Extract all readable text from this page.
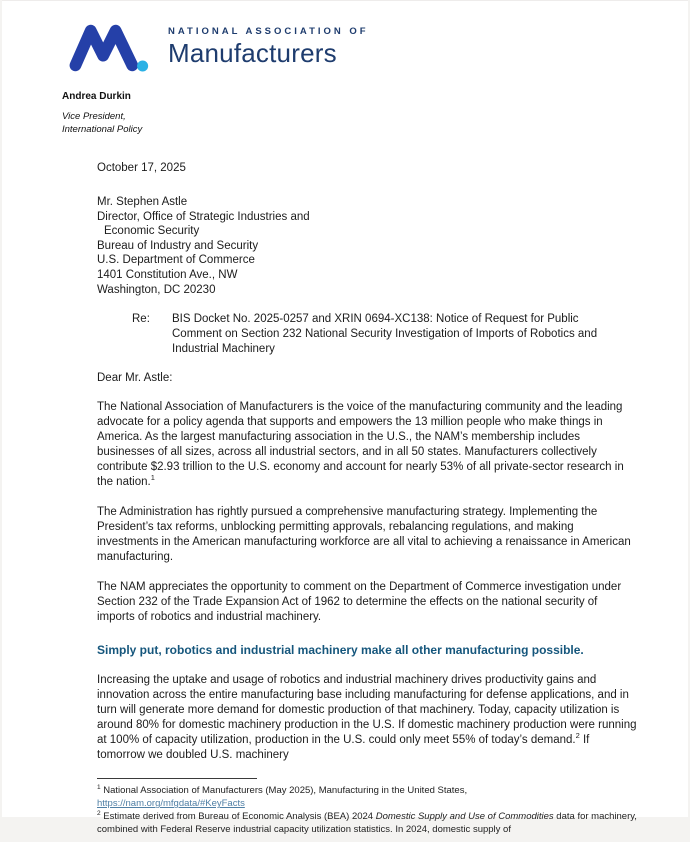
NATIONAL ASSOCIATION OF
Manufacturers
Andrea Durkin
Vice President,
International Policy
October 17, 2025
Mr. Stephen Astle
Director, Office of Strategic Industries and
Economic Security
Bureau of Industry and Security
U.S. Department of Commerce
1401 Constitution Ave., NW
Washington, DC 20230
Re:	BIS Docket No. 2025-0257 and XRIN 0694-XC138: Notice of Request for Public Comment on Section 232 National Security Investigation of Imports of Robotics and Industrial Machinery
Dear Mr. Astle:

The National Association of Manufacturers is the voice of the manufacturing community and the leading advocate for a policy agenda that supports and empowers the 13 million people who make things in America. As the largest manufacturing association in the U.S., the NAM’s membership includes businesses of all sizes, across all industrial sectors, and in all 50 states. Manufacturers collectively contribute $2.93 trillion to the U.S. economy and account for nearly 53% of all private-sector research in the nation.$^1$

The Administration has rightly pursued a comprehensive manufacturing strategy. Implementing the President’s tax reforms, unblocking permitting approvals, rebalancing regulations, and making investments in the American manufacturing workforce are all vital to achieving a renaissance in American manufacturing.

The NAM appreciates the opportunity to comment on the Department of Commerce investigation under Section 232 of the Trade Expansion Act of 1962 to determine the effects on the national security of imports of robotics and industrial machinery.

Simply put, robotics and industrial machinery make all other manufacturing possible.

Increasing the uptake and usage of robotics and industrial machinery drives productivity gains and innovation across the entire manufacturing base including manufacturing for defense applications, and in turn will generate more demand for domestic production of that machinery. Today, capacity utilization is around 80% for domestic machinery production in the U.S. If domestic machinery production were running at 100% of capacity utilization, production in the U.S. could only meet 55% of today’s demand.$^2$ If tomorrow we doubled U.S. machinery

$^1$ National Association of Manufacturers (May 2025), Manufacturing in the United States,
https://nam.org/mfgdata/#KeyFacts
$^2$ Estimate derived from Bureau of Economic Analysis (BEA) 2024 Domestic Supply and Use of Commodities data for machinery, combined with Federal Reserve industrial capacity utilization statistics. In 2024, domestic supply of
